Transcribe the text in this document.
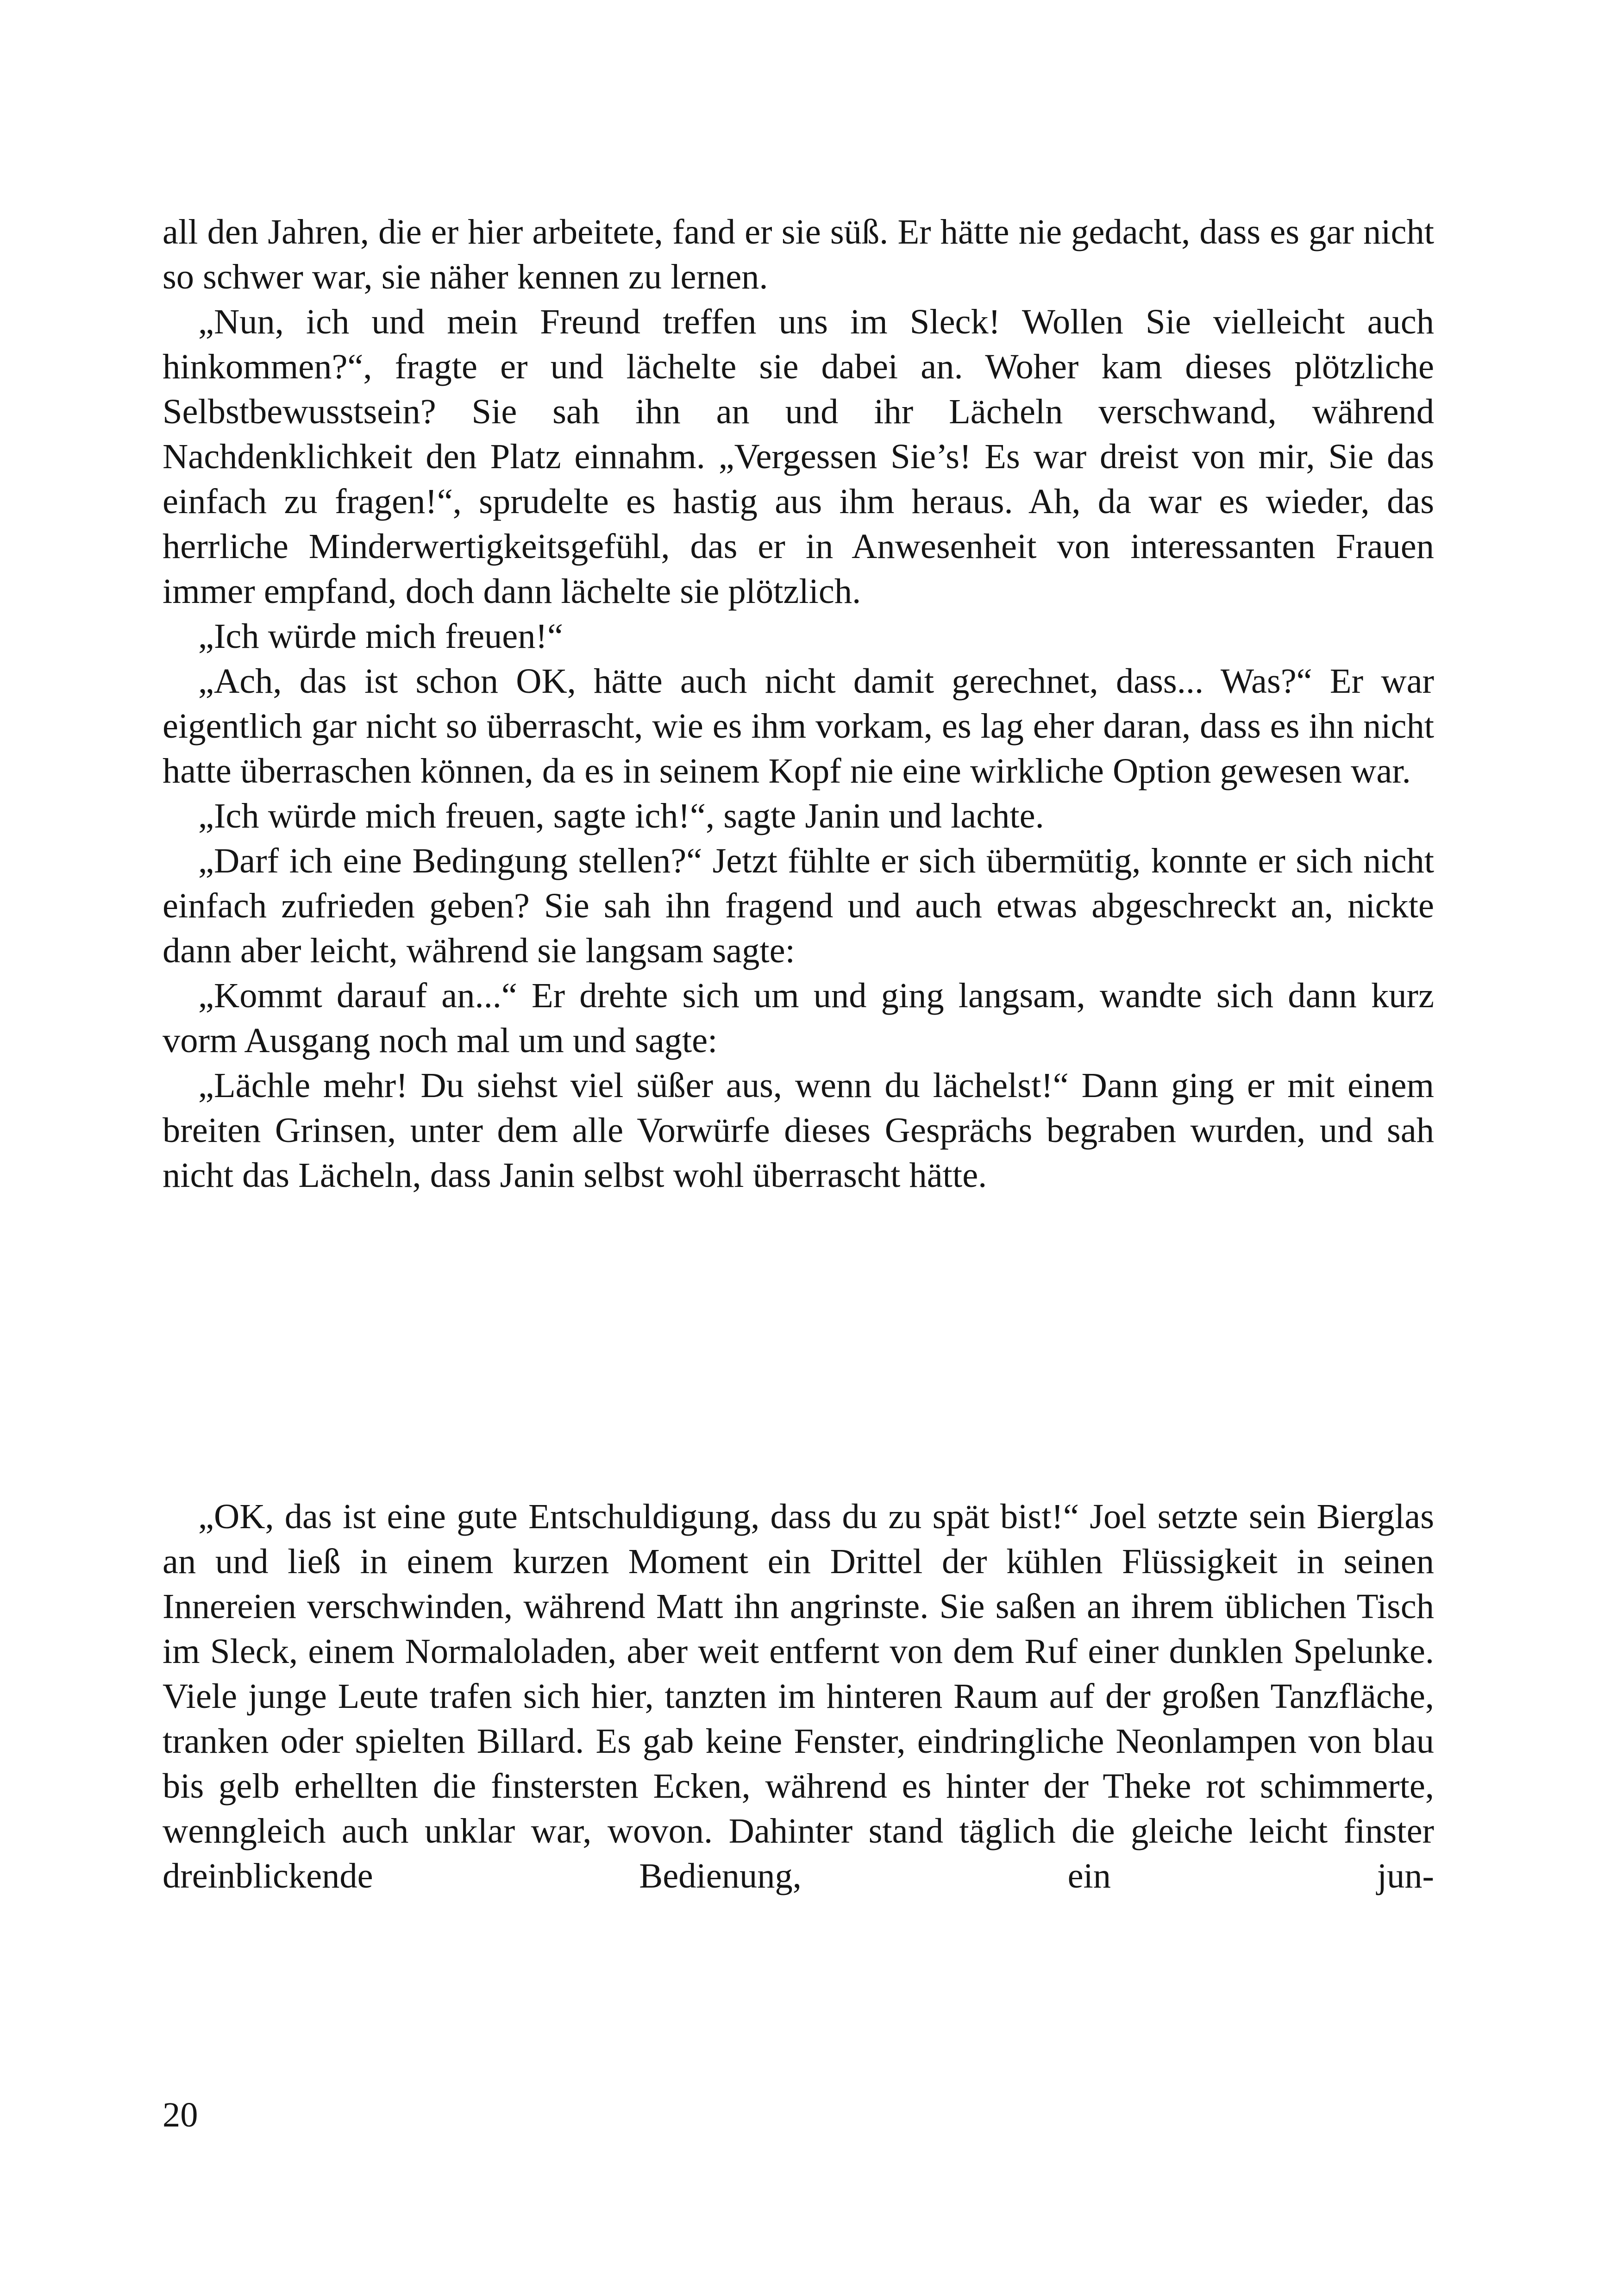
all den Jahren, die er hier arbeitete, fand er sie süß. Er hätte nie gedacht, dass es gar nicht so schwer war, sie näher kennen zu lernen.

„Nun, ich und mein Freund treffen uns im Sleck! Wollen Sie vielleicht auch hinkommen?“, fragte er und lächelte sie dabei an. Woher kam dieses plötzliche Selbstbewusstsein? Sie sah ihn an und ihr Lächeln verschwand, während Nachdenklichkeit den Platz einnahm. „Vergessen Sie’s! Es war dreist von mir, Sie das einfach zu fragen!“, sprudelte es hastig aus ihm heraus. Ah, da war es wieder, das herrliche Minderwertigkeitsgefühl, das er in Anwesenheit von interessanten Frauen immer empfand, doch dann lächelte sie plötzlich.

„Ich würde mich freuen!“

„Ach, das ist schon OK, hätte auch nicht damit gerechnet, dass... Was?“ Er war eigentlich gar nicht so überrascht, wie es ihm vorkam, es lag eher daran, dass es ihn nicht hatte überraschen können, da es in seinem Kopf nie eine wirkliche Option gewesen war.

„Ich würde mich freuen, sagte ich!“, sagte Janin und lachte.

„Darf ich eine Bedingung stellen?“ Jetzt fühlte er sich übermütig, konnte er sich nicht einfach zufrieden geben? Sie sah ihn fragend und auch etwas abgeschreckt an, nickte dann aber leicht, während sie langsam sagte:

„Kommt darauf an...“ Er drehte sich um und ging langsam, wandte sich dann kurz vorm Ausgang noch mal um und sagte:

„Lächle mehr! Du siehst viel süßer aus, wenn du lächelst!“ Dann ging er mit einem breiten Grinsen, unter dem alle Vorwürfe dieses Gesprächs begraben wurden, und sah nicht das Lächeln, dass Janin selbst wohl überrascht hätte.

„OK, das ist eine gute Entschuldigung, dass du zu spät bist!“ Joel setzte sein Bierglas an und ließ in einem kurzen Moment ein Drittel der kühlen Flüssigkeit in seinen Innereien verschwinden, während Matt ihn angrinste. Sie saßen an ihrem üblichen Tisch im Sleck, einem Normaloladen, aber weit entfernt von dem Ruf einer dunklen Spelunke. Viele junge Leute trafen sich hier, tanzten im hinteren Raum auf der großen Tanzfläche, tranken oder spielten Billard. Es gab keine Fenster, eindringliche Neonlampen von blau bis gelb erhellten die finstersten Ecken, während es hinter der Theke rot schimmerte, wenngleich auch unklar war, wovon. Dahinter stand täglich die gleiche leicht finster dreinblickende Bedienung, ein jun-

20
